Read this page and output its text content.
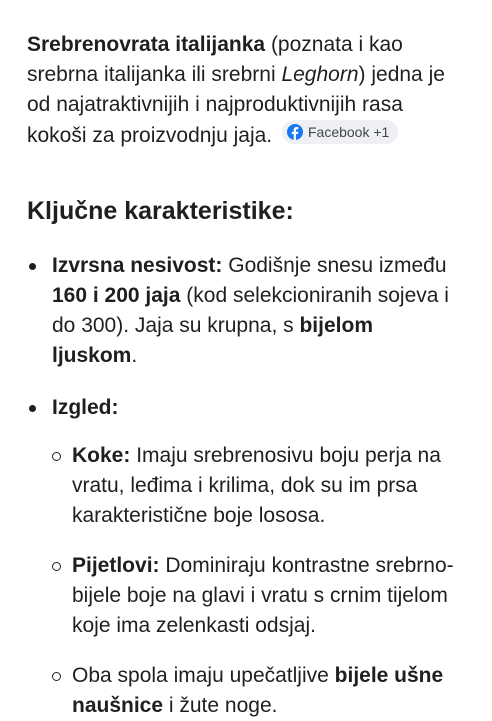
Srebrenovrata italijanka (poznata i kao srebrna italijanka ili srebrni Leghorn) jedna je od najatraktivnijih i najproduktivnijih rasa kokoši za proizvodnju jaja.	Facebook +1

Ključne karakteristike:
Izvrsna nesivost: Godišnje snesu između 160 i 200 jaja (kod selekcioniranih sojeva i do 300). Jaja su krupna, s bijelom ljuskom.
Izgled:
Koke: Imaju srebrenosivu boju perja na vratu, leđima i krilima, dok su im prsa karakteristične boje lososa.
Pijetlovi: Dominiraju kontrastne srebrno-bijele boje na glavi i vratu s crnim tijelom koje ima zelenkasti odsjaj.
Oba spola imaju upečatljive bijele ušne naušnice i žute noge.
